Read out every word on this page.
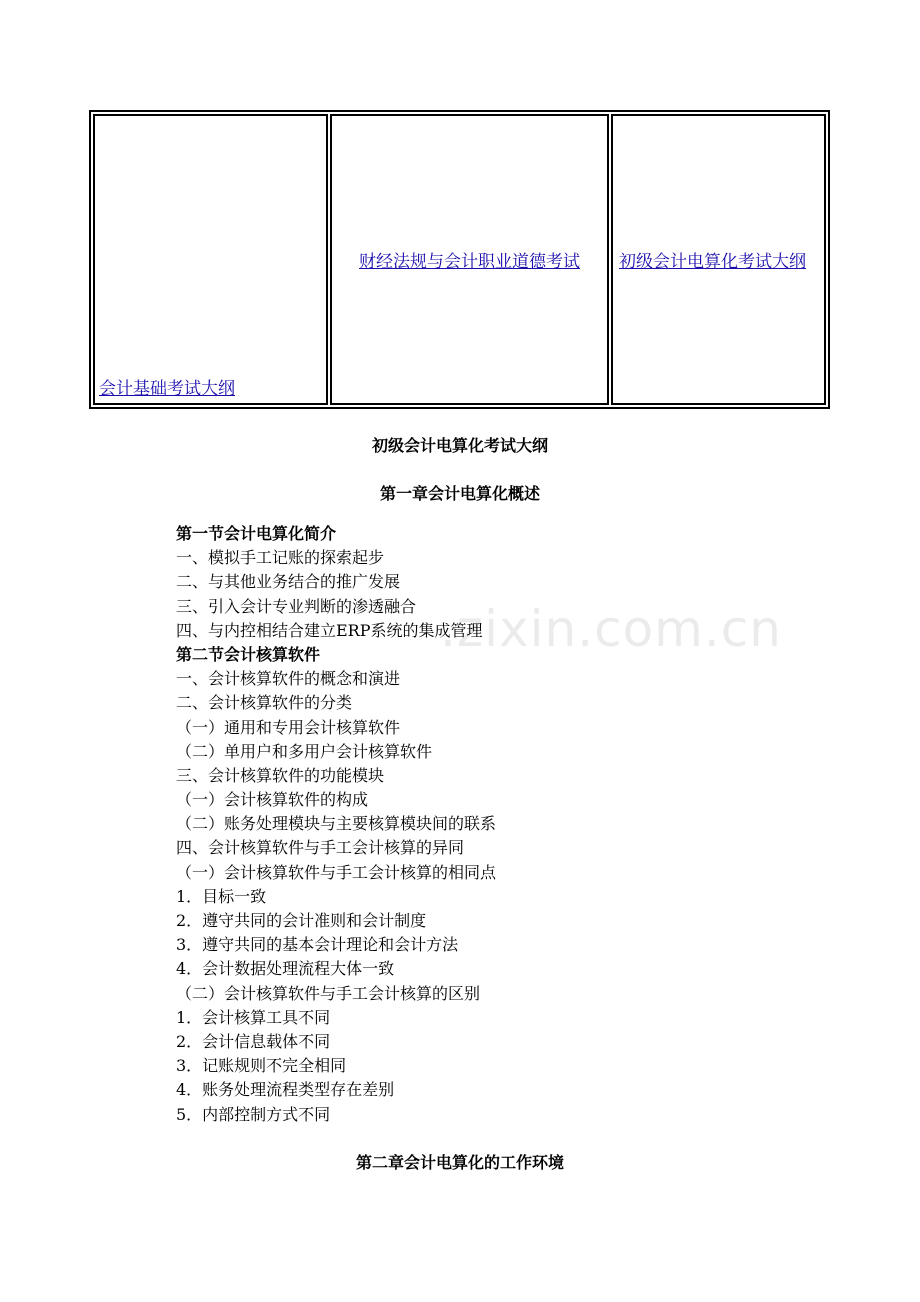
会计基础考试大纲
财经法规与会计职业道德考试 初级会计电算化考试大纲
初级会计电算化考试大纲
第一章会计电算化概述
.zixin.com.cn
第一节会计电算化简介
一、模拟手工记账的探索起步
二、与其他业务结合的推广发展
三、引入会计专业判断的渗透融合
四、与内控相结合建立ERP系统的集成管理
第二节会计核算软件
一、会计核算软件的概念和演进
二、会计核算软件的分类
（一）通用和专用会计核算软件
（二）单用户和多用户会计核算软件
三、会计核算软件的功能模块
（一）会计核算软件的构成
（二）账务处理模块与主要核算模块间的联系
四、会计核算软件与手工会计核算的异同
（一）会计核算软件与手工会计核算的相同点
1．目标一致
2．遵守共同的会计准则和会计制度
3．遵守共同的基本会计理论和会计方法
4．会计数据处理流程大体一致
（二）会计核算软件与手工会计核算的区别
1．会计核算工具不同
2．会计信息载体不同
3．记账规则不完全相同
4．账务处理流程类型存在差别
5．内部控制方式不同
第二章会计电算化的工作环境
